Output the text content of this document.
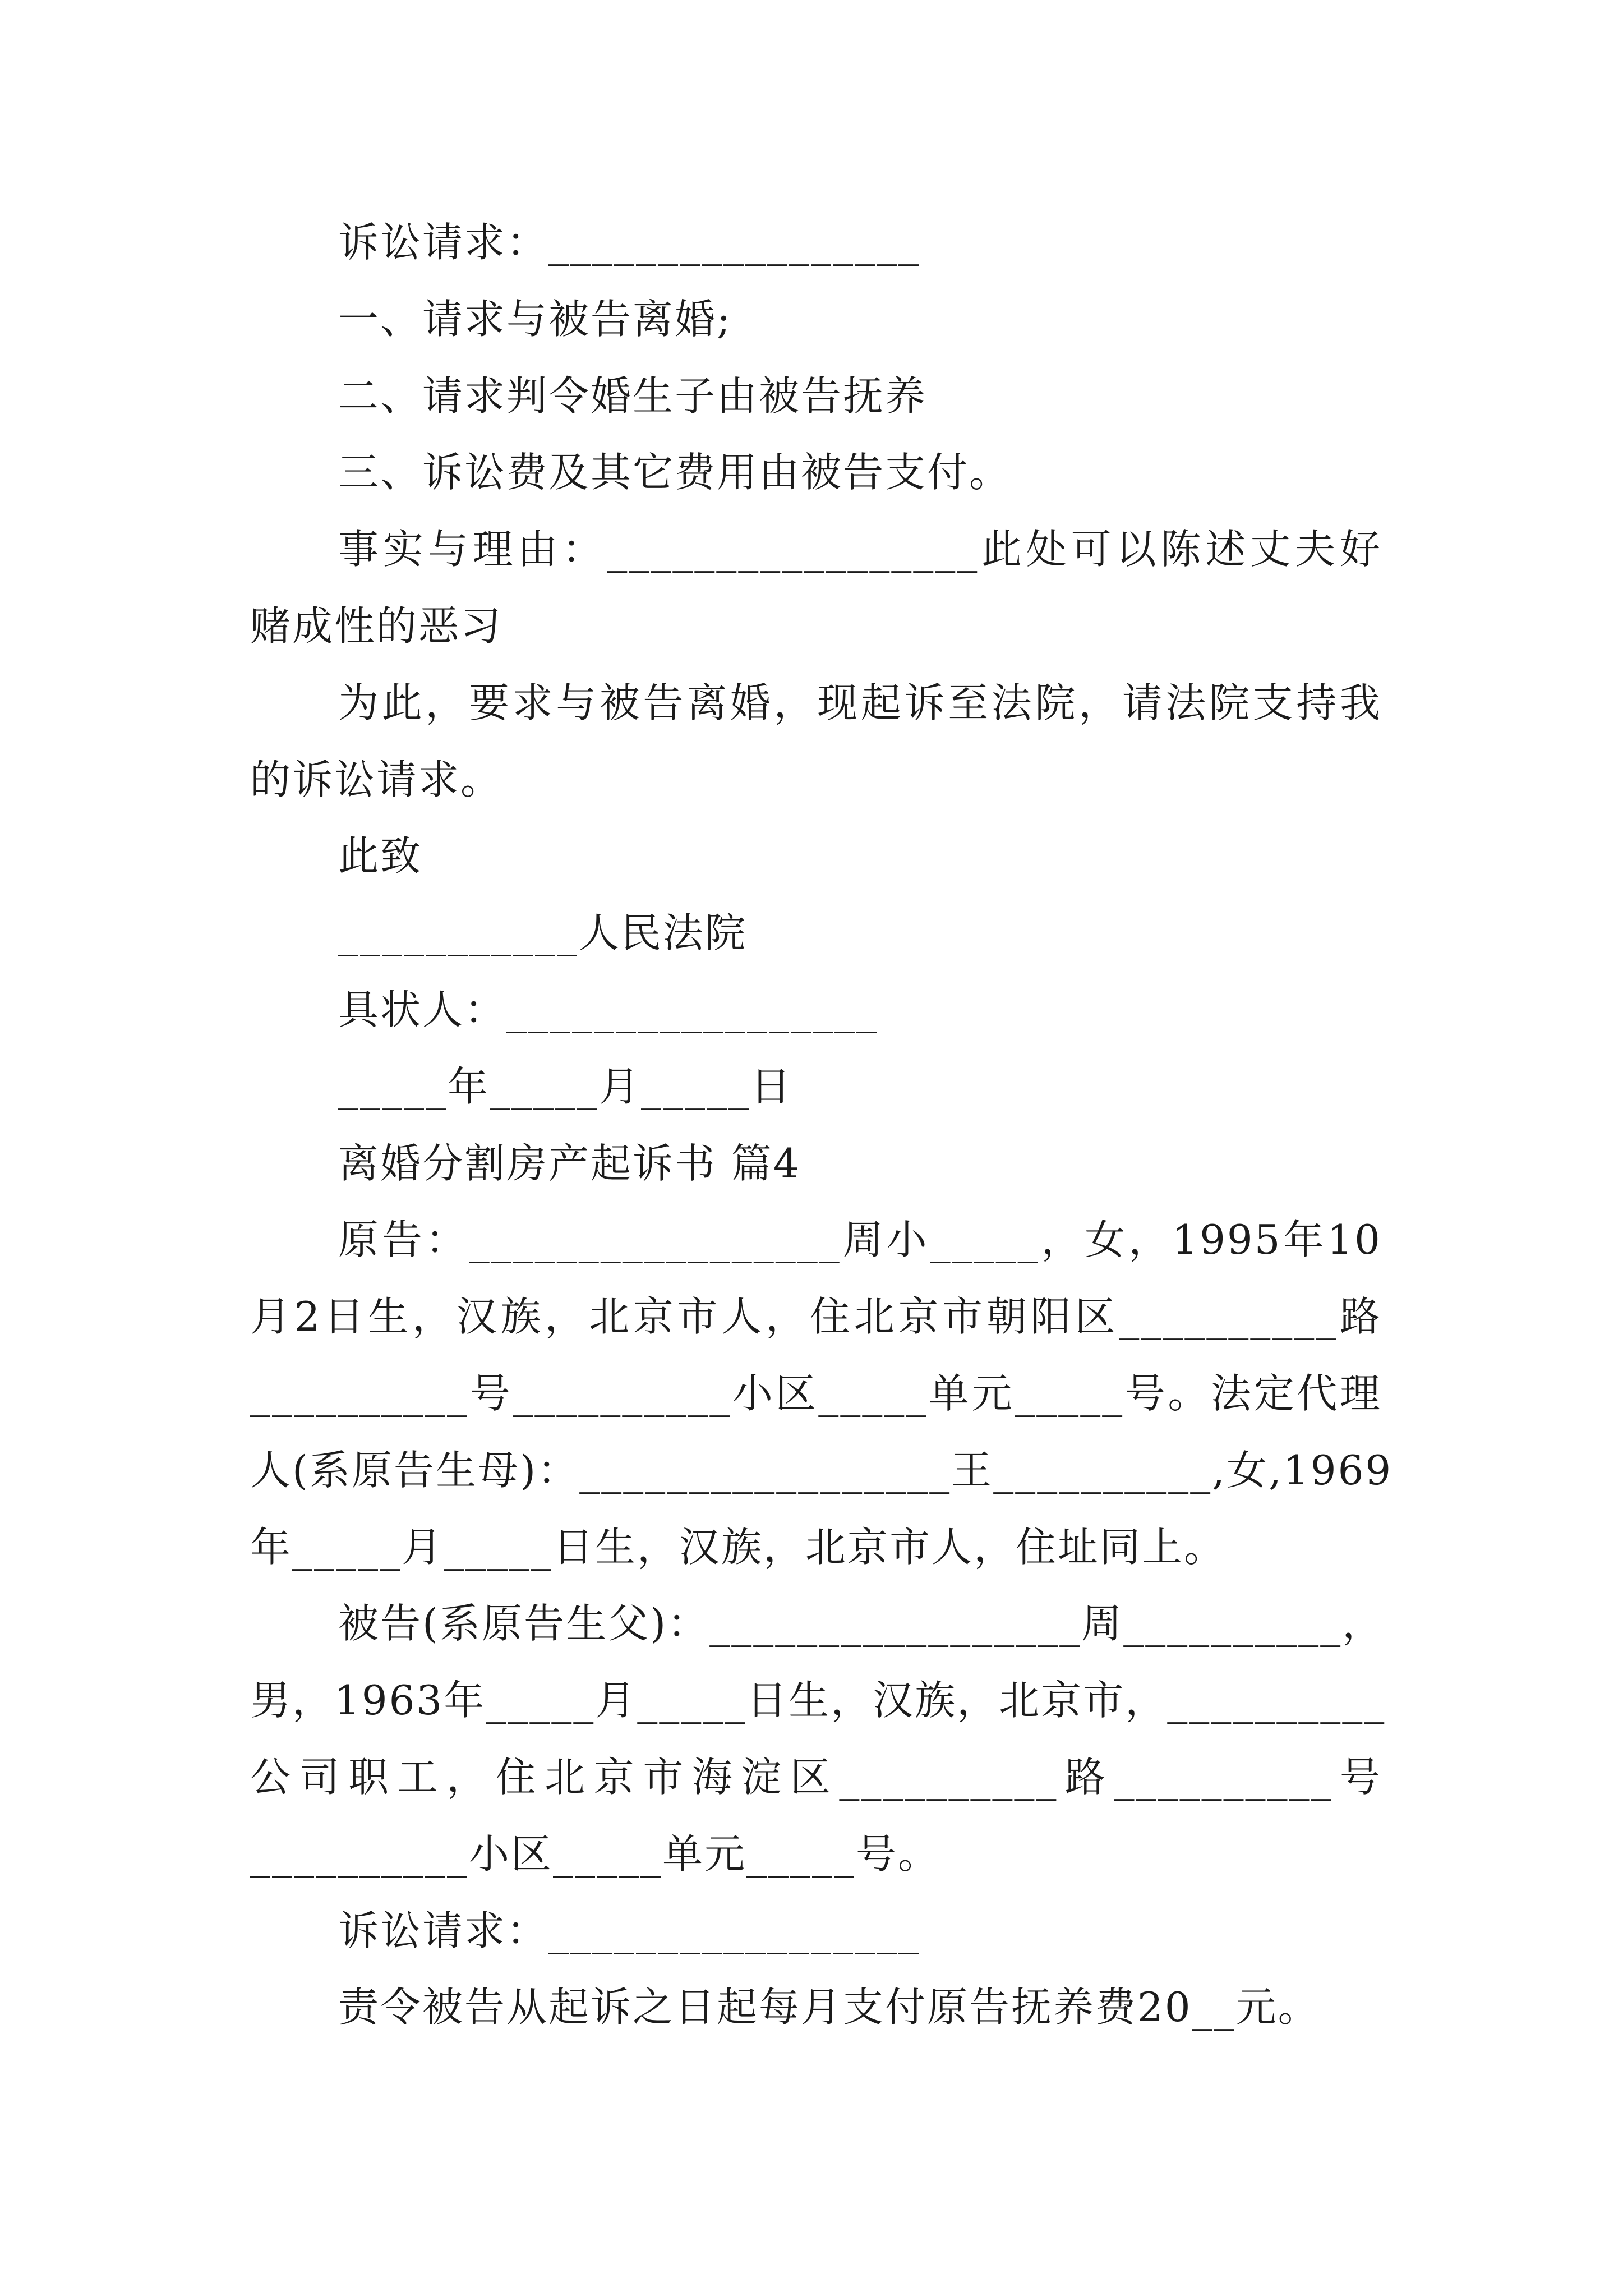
诉讼请求：_________________

一、请求与被告离婚;

二、请求判令婚生子由被告抚养

三、诉讼费及其它费用由被告支付。

事实与理由：_________________此处可以陈述丈夫好

赌成性的恶习

为此，要求与被告离婚，现起诉至法院，请法院支持我

的诉讼请求。

此致

___________人民法院

具状人：_________________

_____年_____月_____日

离婚分割房产起诉书 篇4

原告：_________________周小_____，女，1995年10

月2日生，汉族，北京市人，住北京市朝阳区__________路

__________号__________小区_____单元_____号。法定代理

人(系原告生母)：_________________王__________,女,1969

年_____月_____日生，汉族，北京市人，住址同上。

被告(系原告生父)：_________________周__________，

男，1963年_____月_____日生，汉族，北京市，__________

公司职工，住北京市海淀区__________路__________号

__________小区_____单元_____号。

诉讼请求：_________________

责令被告从起诉之日起每月支付原告抚养费20__元。
